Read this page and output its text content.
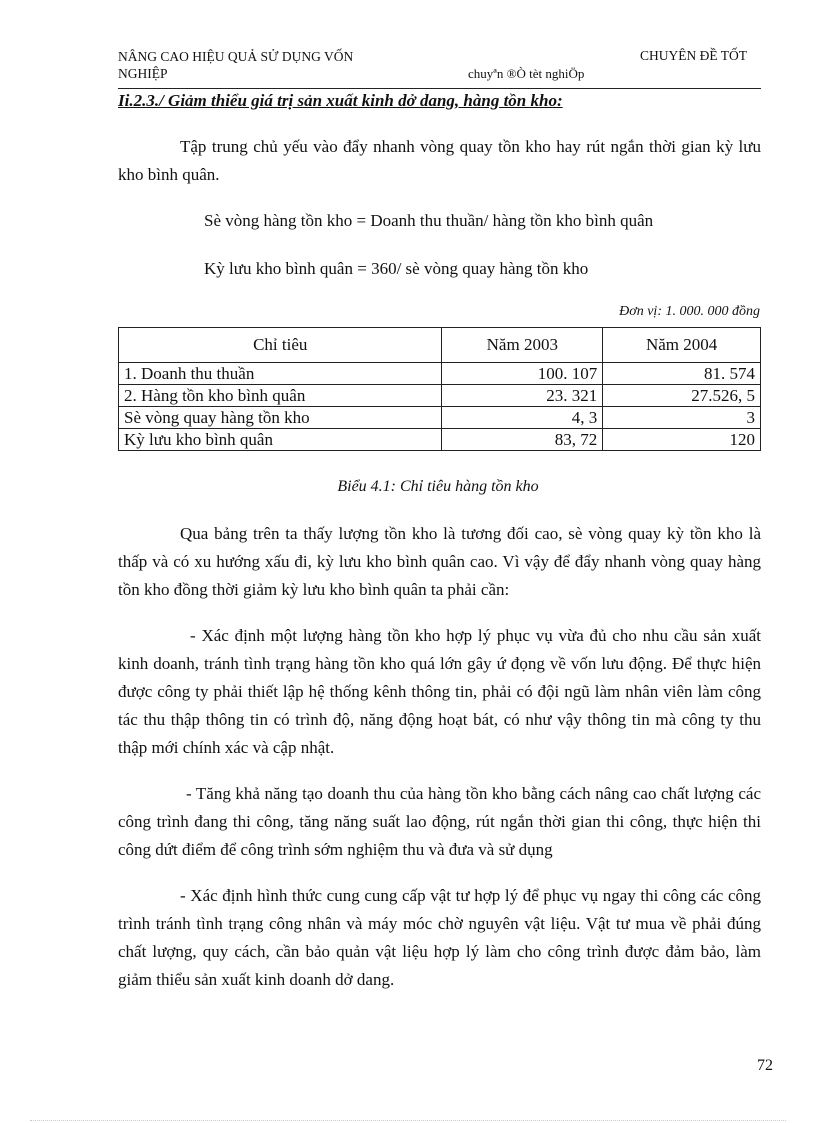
NÂNG CAO HIỆU QUẢ SỬ DỤNG VỐN
NGHIỆP
CHUYÊN ĐỀ TỐT
chuyªn ®Ò tèt nghiÖp
Ii.2.3./ Giảm thiểu giá trị sản xuất kinh dở dang, hàng tồn kho:

Tập trung chủ yếu vào đẩy nhanh vòng quay tồn kho hay rút ngắn thời gian kỳ lưu kho bình quân.

Sè vòng hàng tồn kho = Doanh thu thuần/ hàng tồn kho bình quân
Kỳ lưu kho bình quân = 360/ sè vòng quay hàng tồn kho
Đơn vị: 1. 000. 000 đồng
Chỉ tiêu	Năm 2003	Năm 2004
1. Doanh thu thuần	100. 107	81. 574
2. Hàng tồn kho bình quân	23. 321	27.526, 5
Sè vòng quay hàng tồn kho	4, 3	3
Kỳ lưu kho bình quân	83, 72	120
Biểu 4.1: Chỉ tiêu hàng tồn kho

Qua bảng trên ta thấy lượng tồn kho là tương đối cao, sè vòng quay kỳ tồn kho là thấp và có xu hướng xấu đi, kỳ lưu kho bình quân cao. Vì vậy để đẩy nhanh vòng quay hàng tồn kho đồng thời giảm kỳ lưu kho bình quân ta phải cần:

- Xác định một lượng hàng tồn kho hợp lý phục vụ vừa đủ cho nhu cầu sản xuất kinh doanh, tránh tình trạng hàng tồn kho quá lớn gây ứ đọng về vốn lưu động. Để thực hiện được công ty phải thiết lập hệ thống kênh thông tin, phải có đội ngũ làm nhân viên làm công tác thu thập thông tin có trình độ, năng động hoạt bát, có như vậy thông tin mà công ty thu thập mới chính xác và cập nhật.

- Tăng khả năng tạo doanh thu của hàng tồn kho bằng cách nâng cao chất lượng các công trình đang thi công, tăng năng suất lao động, rút ngắn thời gian thi công, thực hiện thi công dứt điểm để công trình sớm nghiệm thu và đưa và sử dụng

- Xác định hình thức cung cung cấp vật tư hợp lý để phục vụ ngay thi công các công trình tránh tình trạng công nhân và máy móc chờ nguyên vật liệu. Vật tư mua về phải đúng chất lượng, quy cách, cần bảo quản vật liệu hợp lý làm cho công trình được đảm bảo, làm giảm thiểu sản xuất kinh doanh dở dang.

72
